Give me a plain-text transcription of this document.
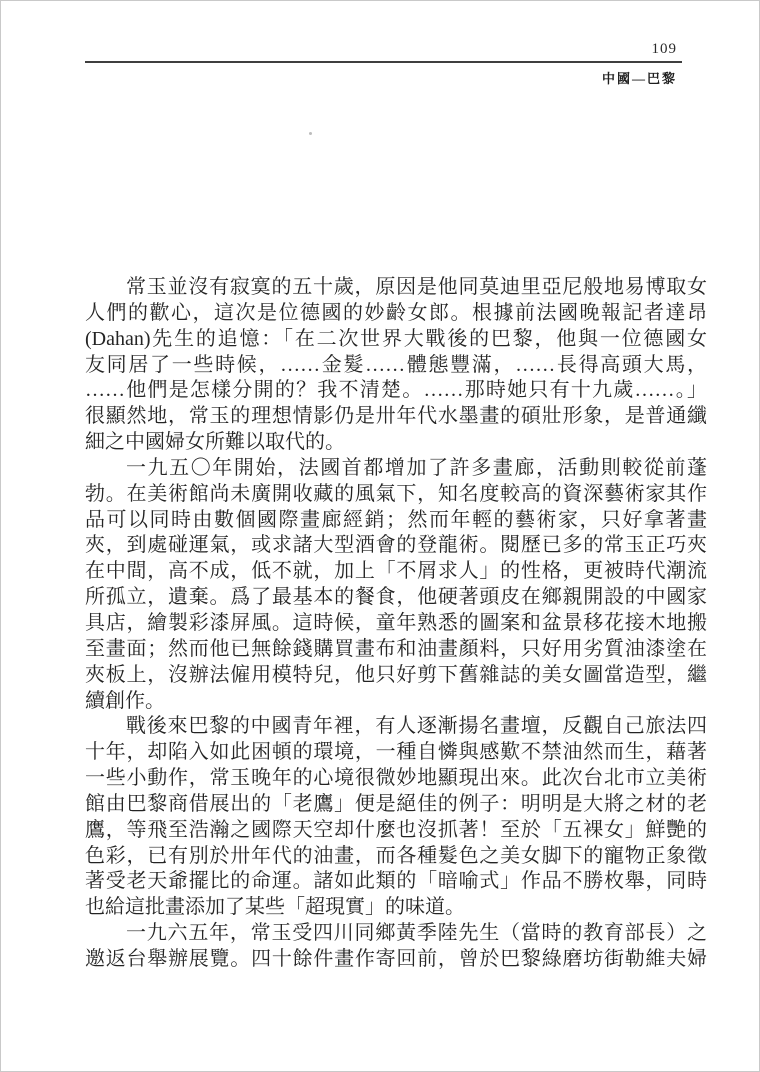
109
中國—巴黎
常玉並沒有寂寞的五十歲，原因是他同莫迪里亞尼般地易博取女
人們的歡心，這次是位德國的妙齡女郎。根據前法國晚報記者達昂
(Dahan)先生的追憶：「在二次世界大戰後的巴黎，他與一位德國女
友同居了一些時候，……金髮……體態豐滿，……長得高頭大馬，
……他們是怎樣分開的？我不清楚。……那時她只有十九歲……。」
很顯然地，常玉的理想情影仍是卅年代水墨畫的碩壯形象，是普通纖
細之中國婦女所難以取代的。
一九五〇年開始，法國首都增加了許多畫廊，活動則較從前蓬
勃。在美術館尚未廣開收藏的風氣下，知名度較高的資深藝術家其作
品可以同時由數個國際畫廊經銷；然而年輕的藝術家，只好拿著畫
夾，到處碰運氣，或求諸大型酒會的登龍術。閱歷已多的常玉正巧夾
在中間，高不成，低不就，加上「不屑求人」的性格，更被時代潮流
所孤立，遺棄。爲了最基本的餐食，他硬著頭皮在鄉親開設的中國家
具店，繪製彩漆屏風。這時候，童年熟悉的圖案和盆景移花接木地搬
至畫面；然而他已無餘錢購買畫布和油畫顏料，只好用劣質油漆塗在
夾板上，沒辦法僱用模特兒，他只好剪下舊雜誌的美女圖當造型，繼
續創作。
戰後來巴黎的中國青年裡，有人逐漸揚名畫壇，反觀自己旅法四
十年，却陷入如此困頓的環境，一種自憐與感歎不禁油然而生，藉著
一些小動作，常玉晚年的心境很微妙地顯現出來。此次台北市立美術
館由巴黎商借展出的「老鷹」便是絕佳的例子：明明是大將之材的老
鷹，等飛至浩瀚之國際天空却什麼也沒抓著！至於「五裸女」鮮艷的
色彩，已有別於卅年代的油畫，而各種髮色之美女脚下的寵物正象徵
著受老天爺擺比的命運。諸如此類的「暗喻式」作品不勝枚舉，同時
也給這批畫添加了某些「超現實」的味道。
一九六五年，常玉受四川同鄉黃季陸先生（當時的教育部長）之
邀返台舉辦展覽。四十餘件畫作寄回前，曾於巴黎綠磨坊街勒維夫婦
